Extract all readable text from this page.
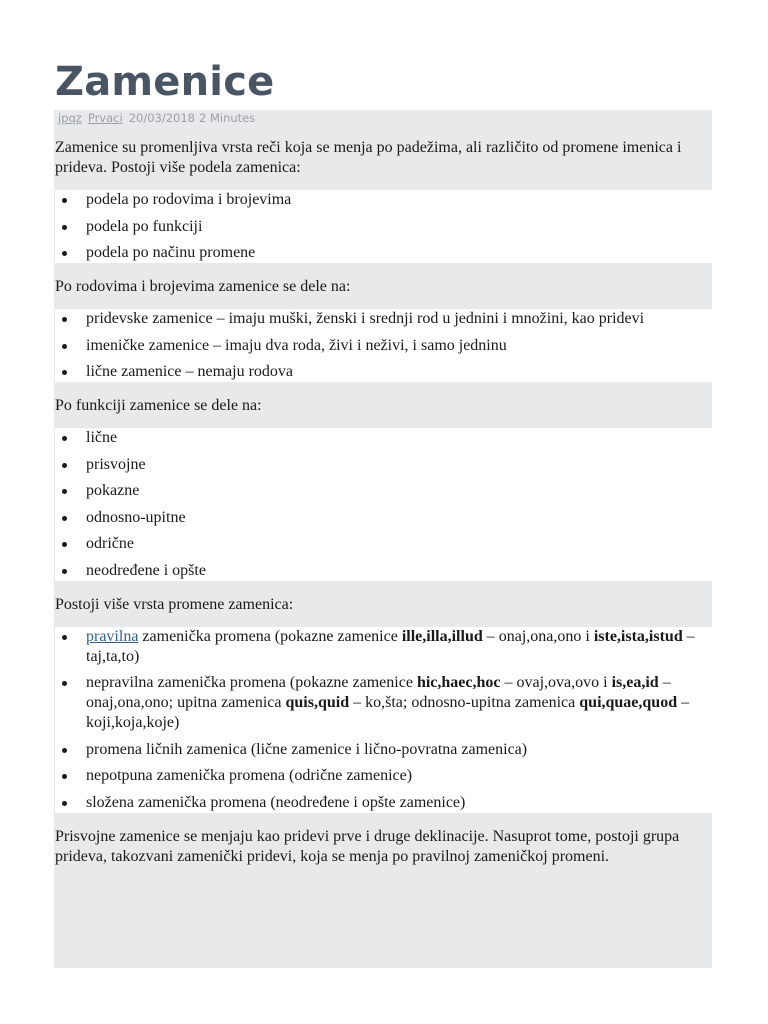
Zamenice
jpqz Prvaci 20/03/2018 2 Minutes

Zamenice su promenljiva vrsta reči koja se menja po padežima, ali različito od promene imenica i prideva. Postoji više podela zamenica:

podela po rodovima i brojevima
podela po funkciji
podela po načinu promene

Po rodovima i brojevima zamenice se dele na:

pridevske zamenice – imaju muški, ženski i srednji rod u jednini i množini, kao pridevi
imeničke zamenice – imaju dva roda, živi i neživi, i samo jedninu
lične zamenice – nemaju rodova

Po funkciji zamenice se dele na:

lične
prisvojne
pokazne
odnosno-upitne
odrične
neodređene i opšte

Postoji više vrsta promene zamenica:

pravilna zamenička promena (pokazne zamenice ille,illa,illud – onaj,ona,ono i iste,ista,istud – taj,ta,to)
nepravilna zamenička promena (pokazne zamenice hic,haec,hoc – ovaj,ova,ovo i is,ea,id – onaj,ona,ono; upitna zamenica quis,quid – ko,šta; odnosno-upitna zamenica qui,quae,quod – koji,koja,koje)
promena ličnih zamenica (lične zamenice i lično-povratna zamenica)
nepotpuna zamenička promena (odrične zamenice)
složena zamenička promena (neodređene i opšte zamenice)

Prisvojne zamenice se menjaju kao pridevi prve i druge deklinacije. Nasuprot tome, postoji grupa prideva, takozvani zamenički pridevi, koja se menja po pravilnoj zameničkoj promeni.
